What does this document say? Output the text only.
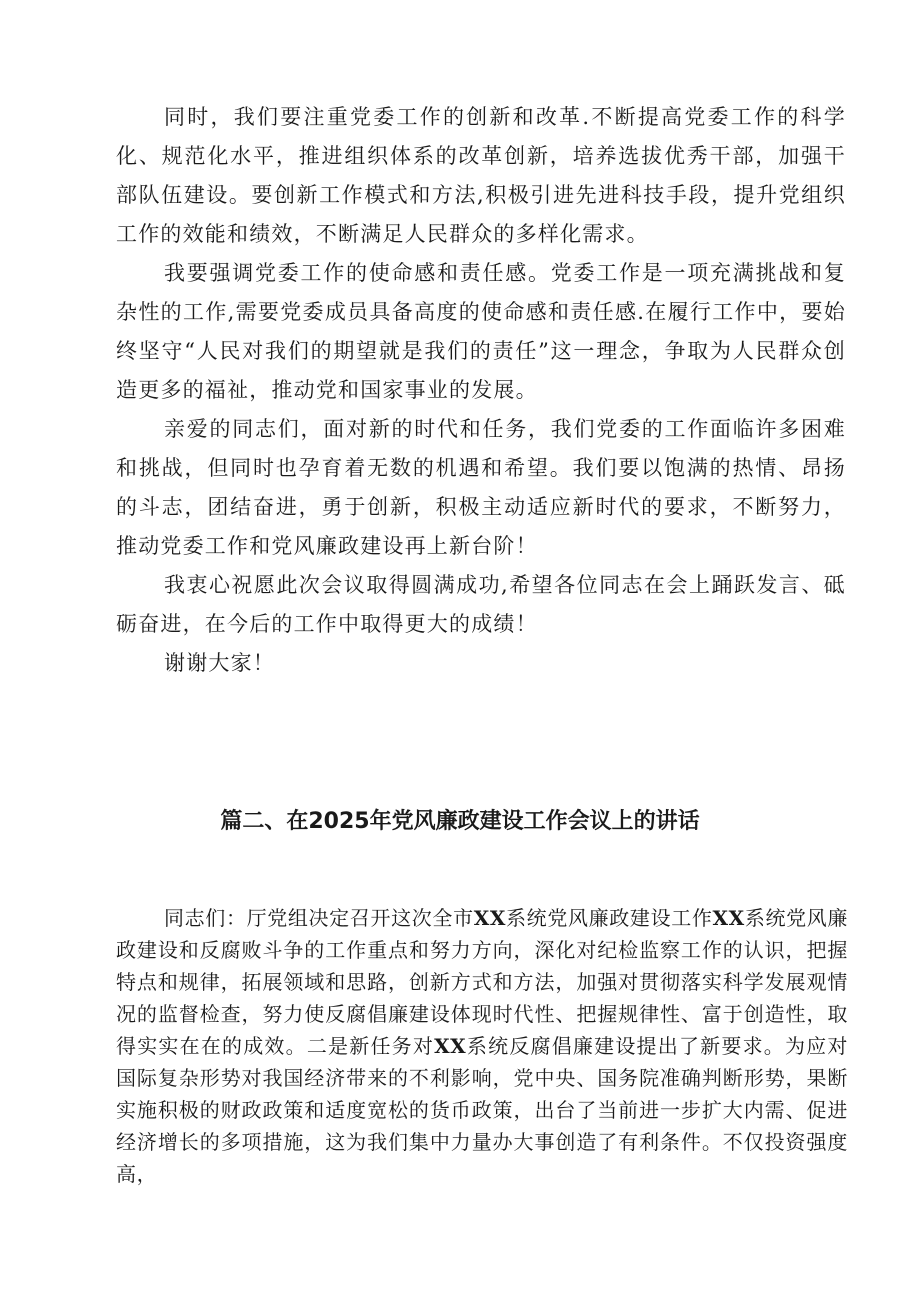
同时，我们要注重党委工作的创新和改革.不断提高党委工作的科学化、规范化水平，推进组织体系的改革创新，培养选拔优秀干部，加强干部队伍建设。要创新工作模式和方法,积极引进先进科技手段，提升党组织工作的效能和绩效，不断满足人民群众的多样化需求。

我要强调党委工作的使命感和责任感。党委工作是一项充满挑战和复杂性的工作,需要党委成员具备高度的使命感和责任感.在履行工作中，要始终坚守“人民对我们的期望就是我们的责任”这一理念，争取为人民群众创造更多的福祉，推动党和国家事业的发展。

亲爱的同志们，面对新的时代和任务，我们党委的工作面临许多困难和挑战，但同时也孕育着无数的机遇和希望。我们要以饱满的热情、昂扬的斗志，团结奋进，勇于创新，积极主动适应新时代的要求，不断努力，推动党委工作和党风廉政建设再上新台阶！

我衷心祝愿此次会议取得圆满成功,希望各位同志在会上踊跃发言、砥砺奋进，在今后的工作中取得更大的成绩！

谢谢大家！

篇二、在2025年党风廉政建设工作会议上的讲话

同志们：厅党组决定召开这次全市XX系统党风廉政建设工作XX系统党风廉政建设和反腐败斗争的工作重点和努力方向，深化对纪检监察工作的认识，把握特点和规律，拓展领域和思路，创新方式和方法，加强对贯彻落实科学发展观情况的监督检查，努力使反腐倡廉建设体现时代性、把握规律性、富于创造性，取得实实在在的成效。二是新任务对XX系统反腐倡廉建设提出了新要求。为应对国际复杂形势对我国经济带来的不利影响，党中央、国务院准确判断形势，果断实施积极的财政政策和适度宽松的货币政策，出台了当前进一步扩大内需、促进经济增长的多项措施，这为我们集中力量办大事创造了有利条件。不仅投资强度高，
